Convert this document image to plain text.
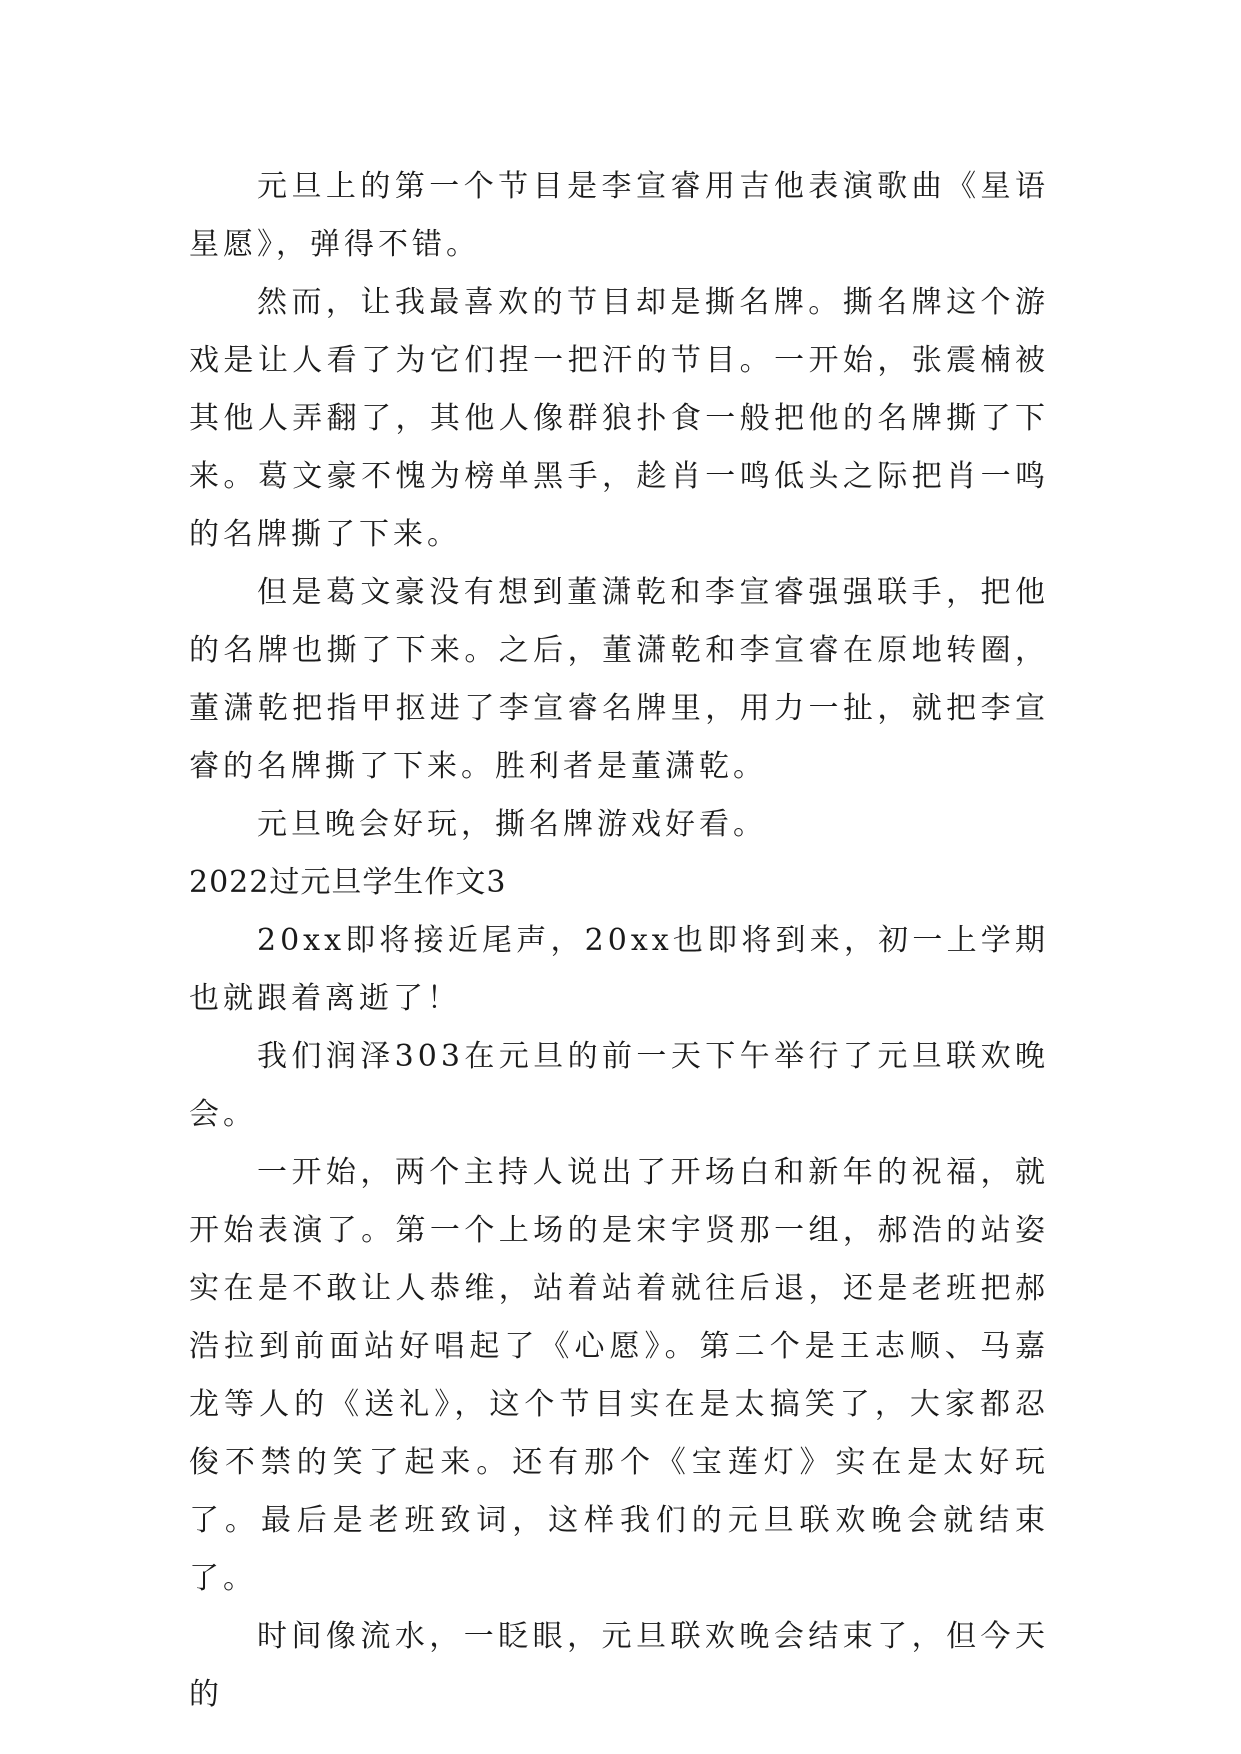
元旦上的第一个节目是李宣睿用吉他表演歌曲《星语星愿》，弹得不错。

然而，让我最喜欢的节目却是撕名牌。撕名牌这个游戏是让人看了为它们捏一把汗的节目。一开始，张震楠被其他人弄翻了，其他人像群狼扑食一般把他的名牌撕了下来。葛文豪不愧为榜单黑手，趁肖一鸣低头之际把肖一鸣的名牌撕了下来。

但是葛文豪没有想到董潇乾和李宣睿强强联手，把他的名牌也撕了下来。之后，董潇乾和李宣睿在原地转圈，董潇乾把指甲抠进了李宣睿名牌里，用力一扯，就把李宣睿的名牌撕了下来。胜利者是董潇乾。

元旦晚会好玩，撕名牌游戏好看。

2022过元旦学生作文3

20xx即将接近尾声，20xx也即将到来，初一上学期也就跟着离逝了！

我们润泽303在元旦的前一天下午举行了元旦联欢晚会。

一开始，两个主持人说出了开场白和新年的祝福，就开始表演了。第一个上场的是宋宇贤那一组，郝浩的站姿实在是不敢让人恭维，站着站着就往后退，还是老班把郝浩拉到前面站好唱起了《心愿》。第二个是王志顺、马嘉龙等人的《送礼》，这个节目实在是太搞笑了，大家都忍俊不禁的笑了起来。还有那个《宝莲灯》实在是太好玩了。最后是老班致词，这样我们的元旦联欢晚会就结束了。

时间像流水，一眨眼，元旦联欢晚会结束了，但今天的
